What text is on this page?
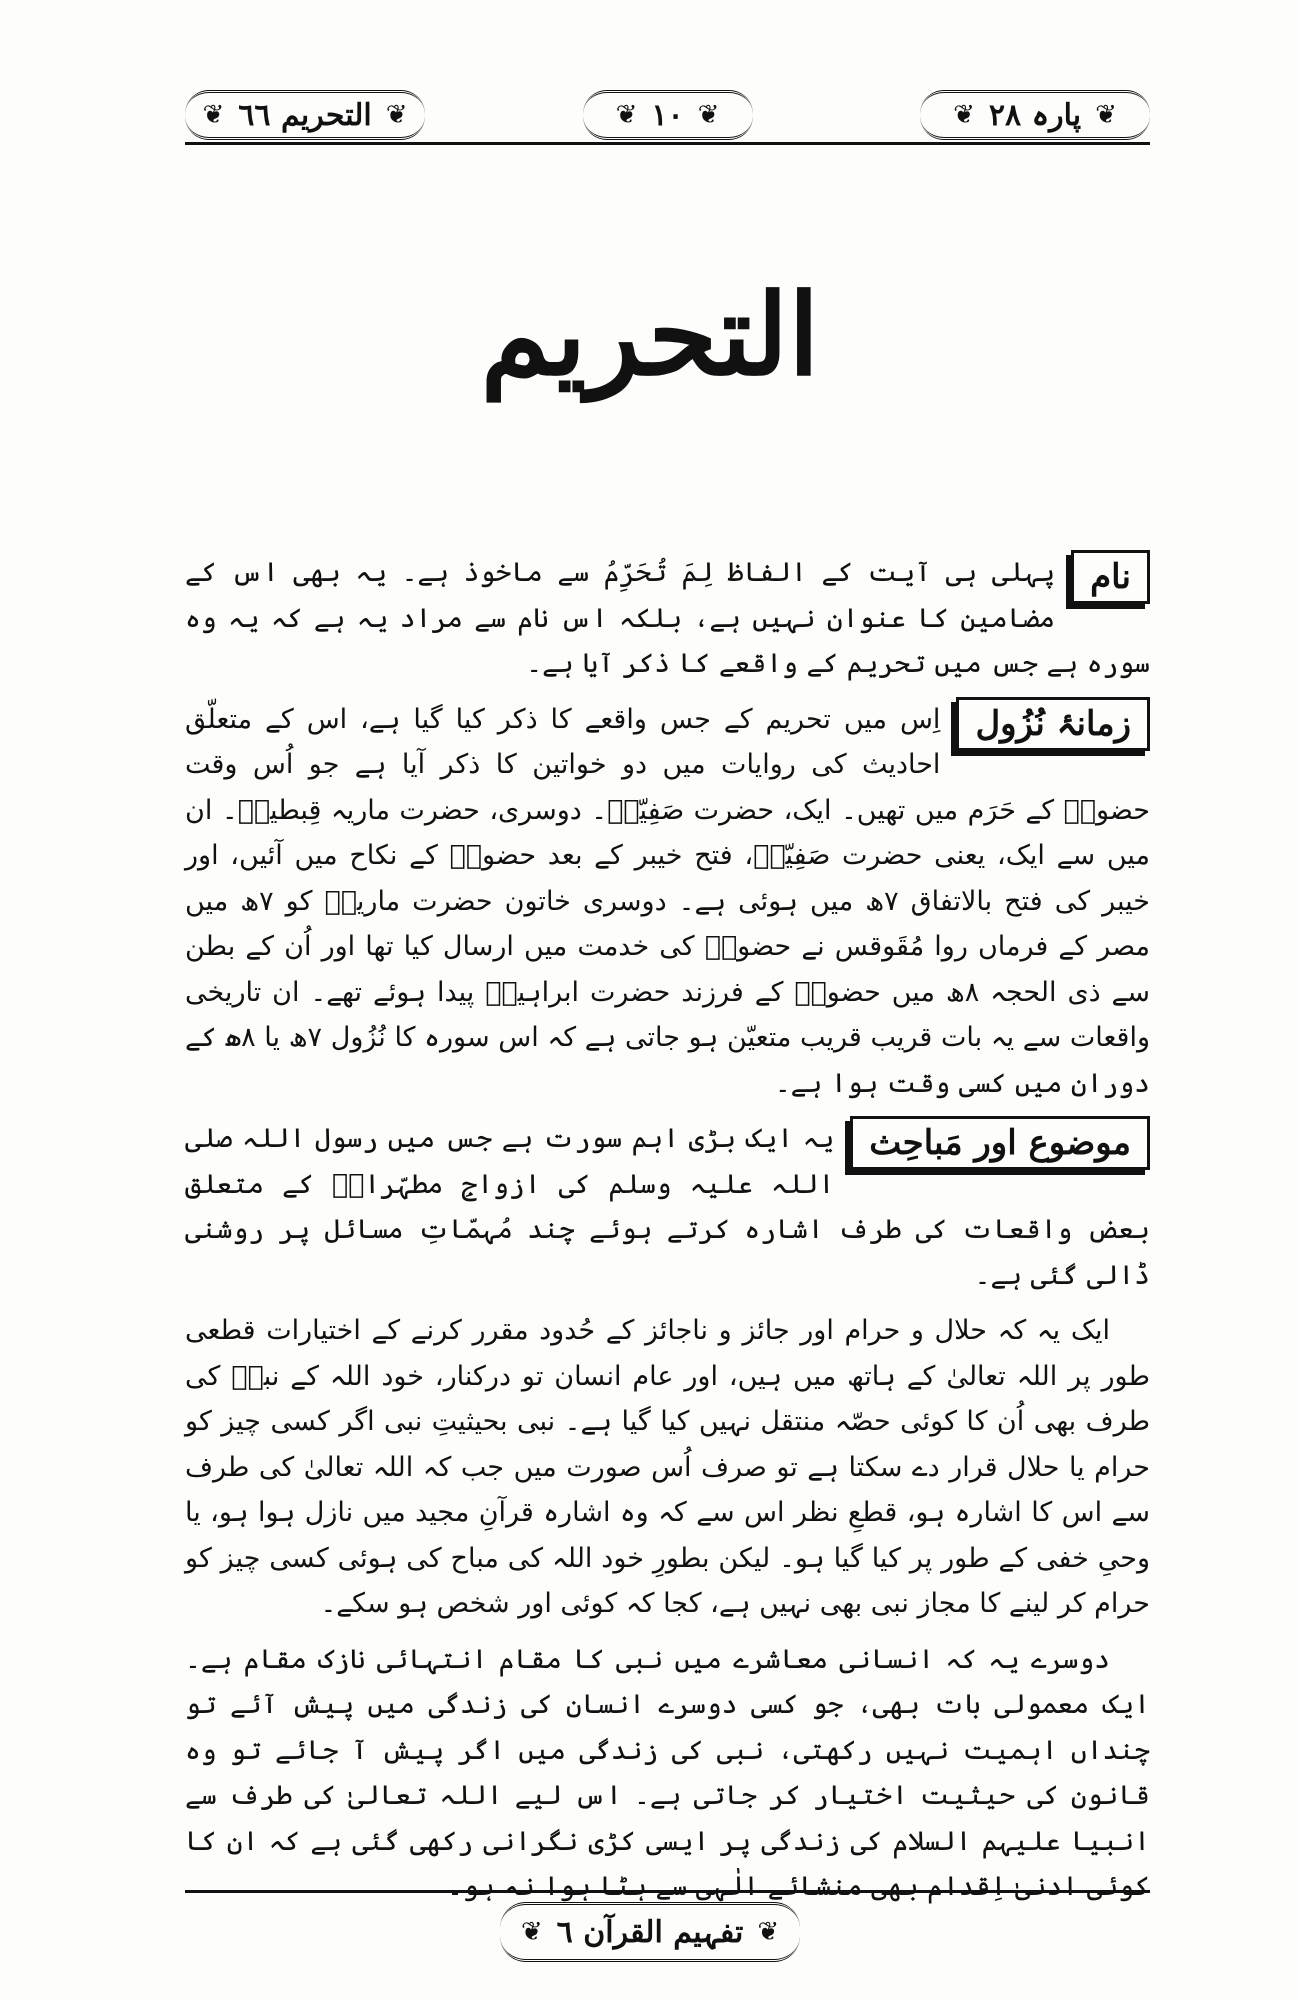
❦
پارہ ٢٨
❦
❦
١٠
❦
❦
التحریم ٦٦
❦
التحریم

نام
پہلی ہی آیت کے الفاظ لِمَ تُحَرِّمُ سے ماخوذ ہے۔ یہ بھی اس کے مضامین کا عنوان نہیں ہے، بلکہ اس نام سے مراد یہ ہے کہ یہ وہ سورہ ہے جس میں تحریم کے واقعے کا ذکر آیا ہے۔

زمانۂ نُزُول
اِس میں تحریم کے جس واقعے کا ذکر کیا گیا ہے، اس کے متعلّق احادیث کی روایات میں دو خواتین کا ذکر آیا ہے جو اُس وقت حضورؐ کے حَرَم میں تھیں۔ ایک، حضرت صَفِیّہؓ۔ دوسری، حضرت ماریہ قِبطیہؓ۔ ان میں سے ایک، یعنی حضرت صَفِیّہؓ، فتح خیبر کے بعد حضورؐ کے نکاح میں آئیں، اور خیبر کی فتح بالاتفاق ۷ھ میں ہوئی ہے۔ دوسری خاتون حضرت ماریہؓ کو ۷ھ میں مصر کے فرماں روا مُقَوقس نے حضورؐ کی خدمت میں ارسال کیا تھا اور اُن کے بطن سے ذی الحجہ ۸ھ میں حضورؐ کے فرزند حضرت ابراہیمؓ پیدا ہوئے تھے۔ ان تاریخی واقعات سے یہ بات قریب قریب متعیّن ہو جاتی ہے کہ اس سورہ کا نُزُول ۷ھ یا ۸ھ کے دوران میں کسی وقت ہوا ہے۔

موضوع اور مَباحِث
یہ ایک بڑی اہم سورت ہے جس میں رسول اللہ صلی اللہ علیہ وسلم کی ازواجِ مطہّراتؓ کے متعلق بعض واقعات کی طرف اشارہ کرتے ہوئے چند مُہمّاتِ مسائل پر روشنی ڈالی گئی ہے۔

ایک یہ کہ حلال و حرام اور جائز و ناجائز کے حُدود مقرر کرنے کے اختیارات قطعی طور پر اللہ تعالیٰ کے ہاتھ میں ہیں، اور عام انسان تو درکنار، خود اللہ کے نبیؐ کی طرف بھی اُن کا کوئی حصّہ منتقل نہیں کیا گیا ہے۔ نبی بحیثیتِ نبی اگر کسی چیز کو حرام یا حلال قرار دے سکتا ہے تو صرف اُس صورت میں جب کہ اللہ تعالیٰ کی طرف سے اس کا اشارہ ہو، قطعِ نظر اس سے کہ وہ اشارہ قرآنِ مجید میں نازل ہوا ہو، یا وحیِ خفی کے طور پر کیا گیا ہو۔ لیکن بطورِ خود اللہ کی مباح کی ہوئی کسی چیز کو حرام کر لینے کا مجاز نبی بھی نہیں ہے، کجا کہ کوئی اور شخص ہو سکے۔

دوسرے یہ کہ انسانی معاشرے میں نبی کا مقام انتہائی نازک مقام ہے۔ ایک معمولی بات بھی، جو کسی دوسرے انسان کی زندگی میں پیش آئے تو چنداں اہمیت نہیں رکھتی، نبی کی زندگی میں اگر پیش آ جائے تو وہ قانون کی حیثیت اختیار کر جاتی ہے۔ اس لیے اللہ تعالیٰ کی طرف سے انبیا علیہم السلام کی زندگی پر ایسی کڑی نگرانی رکھی گئی ہے کہ ان کا کوئی ادنیٰ اِقدام بھی منشائے الٰہی سے ہٹا ہوا نہ ہو۔

❦
تفہیم القرآن ٦
❦
